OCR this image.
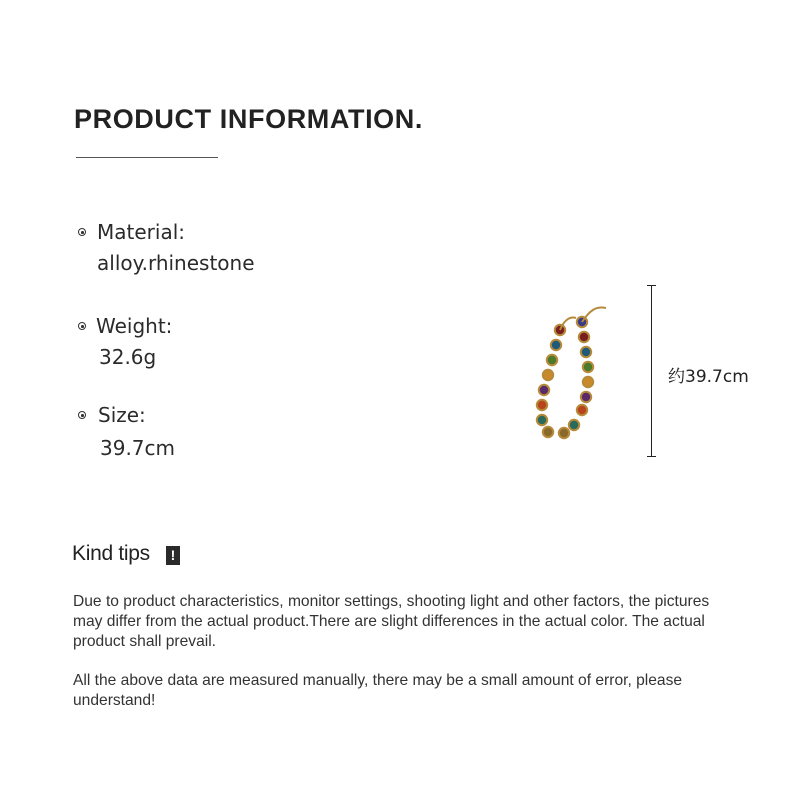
PRODUCT INFORMATION.
Material:
alloy.rhinestone
Weight:
32.6g
Size:
39.7cm
约39.7cm
Kind tips	!

Due to product characteristics, monitor settings, shooting light and other factors, the pictures may differ from the actual product.There are slight differences in the actual color. The actual product shall prevail.

All the above data are measured manually, there may be a small amount of error, please understand!
